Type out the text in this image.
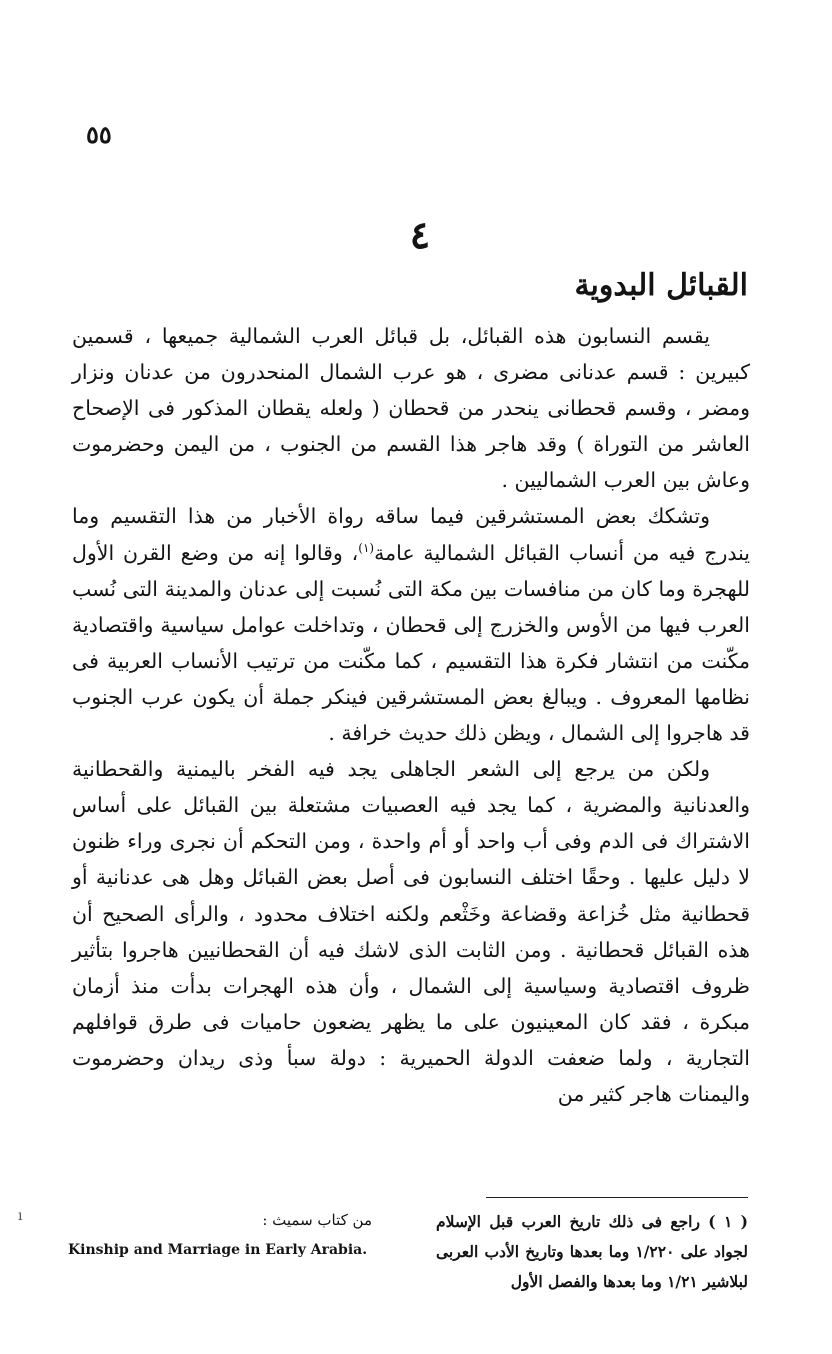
٥٥
٤
القبائل البدوية

يقسم النسابون هذه القبائل، بل قبائل العرب الشمالية جميعها ، قسمين كبيرين : قسم عدنانى مضرى ، هو عرب الشمال المنحدرون من عدنان ونزار ومضر ، وقسم قحطانى ينحدر من قحطان ( ولعله يقطان المذكور فى الإصحاح العاشر من التوراة ) وقد هاجر هذا القسم من الجنوب ، من اليمن وحضرموت وعاش بين العرب الشماليين .

وتشكك بعض المستشرقين فيما ساقه رواة الأخبار من هذا التقسيم وما يندرج فيه من أنساب القبائل الشمالية عامة$^{(١)}$، وقالوا إنه من وضع القرن الأول للهجرة وما كان من منافسات بين مكة التى نُسبت إلى عدنان والمدينة التى نُسب العرب فيها من الأوس والخزرج إلى قحطان ، وتداخلت عوامل سياسية واقتصادية مكّنت من انتشار فكرة هذا التقسيم ، كما مكّنت من ترتيب الأنساب العربية فى نظامها المعروف . ويبالغ بعض المستشرقين فينكر جملة أن يكون عرب الجنوب قد هاجروا إلى الشمال ، ويظن ذلك حديث خرافة .

ولكن من يرجع إلى الشعر الجاهلى يجد فيه الفخر باليمنية والقحطانية والعدنانية والمضرية ، كما يجد فيه العصبيات مشتعلة بين القبائل على أساس الاشتراك فى الدم وفى أب واحد أو أم واحدة ، ومن التحكم أن نجرى وراء ظنون لا دليل عليها . وحقًا اختلف النسابون فى أصل بعض القبائل وهل هى عدنانية أو قحطانية مثل خُزاعة وقضاعة وخَثْعم ولكنه اختلاف محدود ، والرأى الصحيح أن هذه القبائل قحطانية . ومن الثابت الذى لاشك فيه أن القحطانيين هاجروا بتأثير ظروف اقتصادية وسياسية إلى الشمال ، وأن هذه الهجرات بدأت منذ أزمان مبكرة ، فقد كان المعينيون على ما يظهر يضعون حاميات فى طرق قوافلهم التجارية ، ولما ضعفت الدولة الحميرية : دولة سبأ وذى ريدان وحضرموت واليمنات هاجر كثير من

( ١ ) راجع فى ذلك تاريخ العرب قبل الإسلام لجواد على ١/٢٢٠ وما بعدها وتاريخ الأدب العربى لبلاشير ١/٢١ وما بعدها والفصل الأول
من كتاب سميث :
Kinship and Marriage in Early Arabia.
ı
